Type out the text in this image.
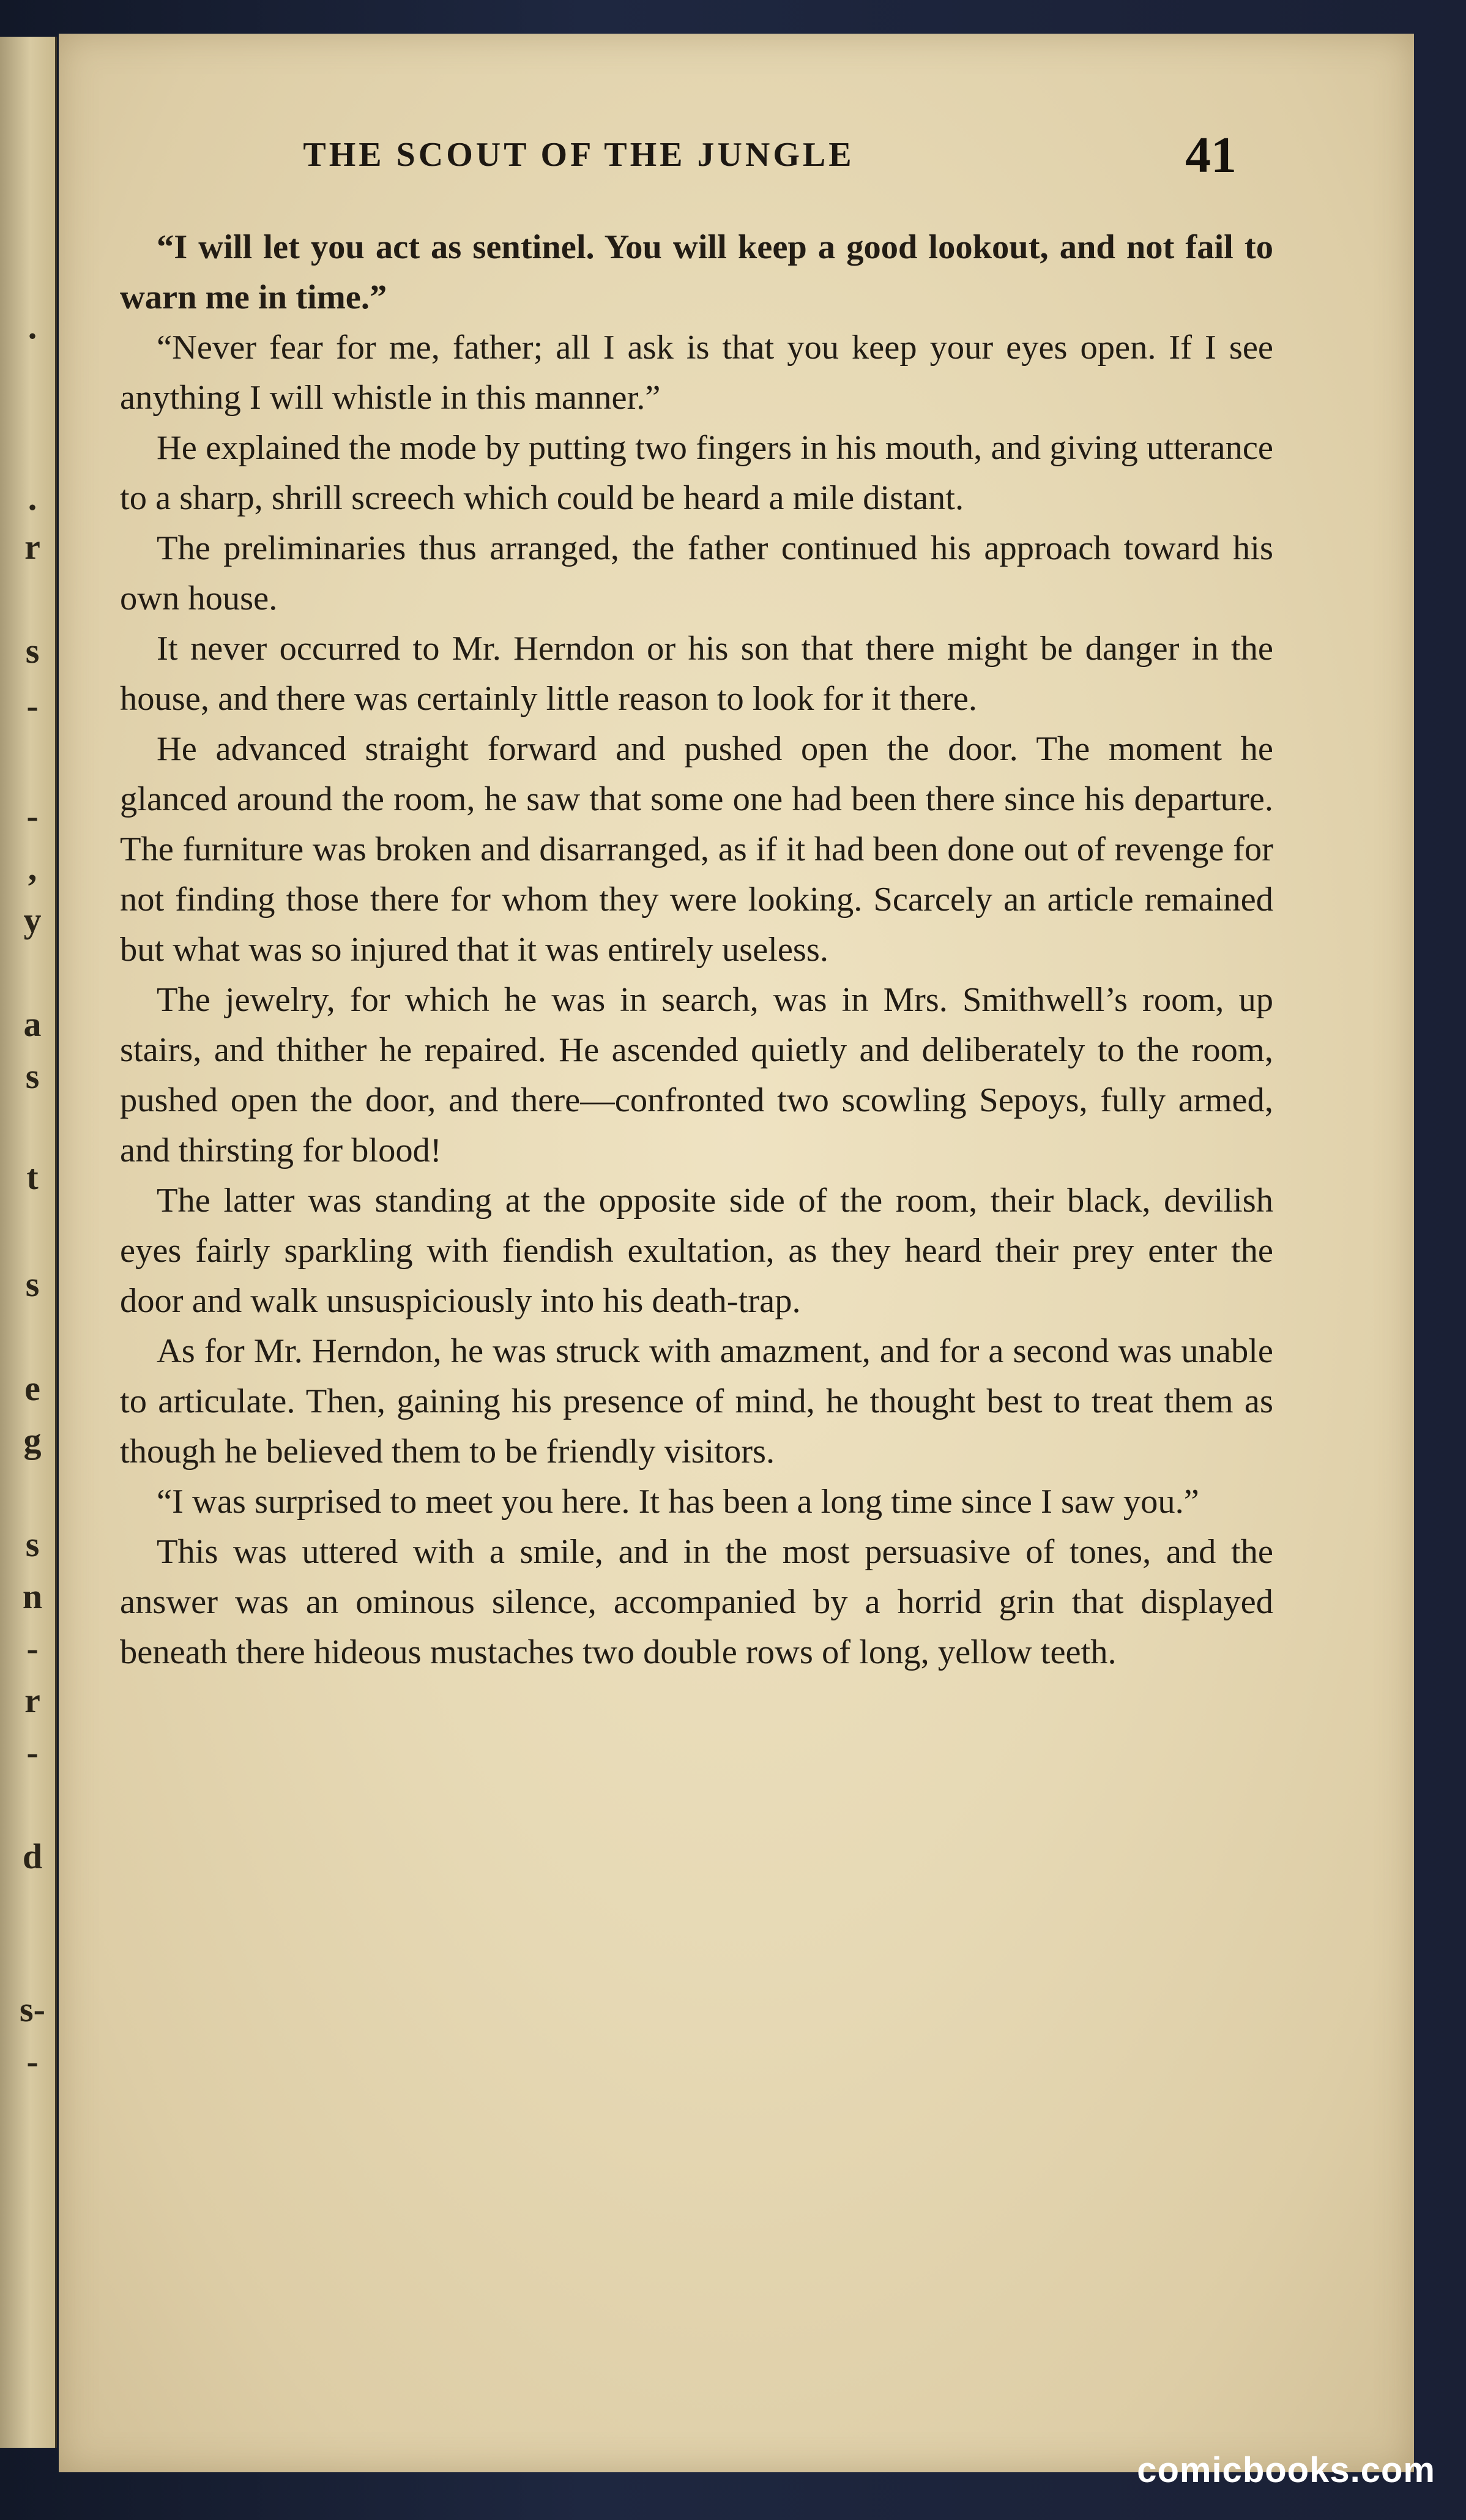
.
.
r
s
-
-
,
y
a
s
t
s
e
g
s
n
-
r
-
d
s-
-
THE SCOUT OF THE JUNGLE	41

“I will let you act as sentinel. You will keep a good lookout, and not fail to warn me in time.”

“Never fear for me, father; all I ask is that you keep your eyes open. If I see anything I will whistle in this manner.”

He explained the mode by putting two fingers in his mouth, and giving utterance to a sharp, shrill screech which could be heard a mile distant.

The preliminaries thus arranged, the father continued his approach toward his own house.

It never occurred to Mr. Herndon or his son that there might be danger in the house, and there was certainly little reason to look for it there.

He advanced straight forward and pushed open the door. The moment he glanced around the room, he saw that some one had been there since his departure. The furniture was broken and disarranged, as if it had been done out of revenge for not finding those there for whom they were looking. Scarcely an article remained but what was so injured that it was entirely useless.

The jewelry, for which he was in search, was in Mrs. Smithwell’s room, up stairs, and thither he repaired. He ascended quietly and deliberately to the room, pushed open the door, and there—confronted two scowling Sepoys, fully armed, and thirsting for blood!

The latter was standing at the opposite side of the room, their black, devilish eyes fairly sparkling with fiendish exultation, as they heard their prey enter the door and walk unsuspiciously into his death-trap.

As for Mr. Herndon, he was struck with amazment, and for a second was unable to articulate. Then, gaining his presence of mind, he thought best to treat them as though he believed them to be friendly visitors.

“I was surprised to meet you here. It has been a long time since I saw you.”

This was uttered with a smile, and in the most persuasive of tones, and the answer was an ominous silence, accompanied by a horrid grin that displayed beneath there hideous mustaches two double rows of long, yellow teeth.

comicbooks.com
